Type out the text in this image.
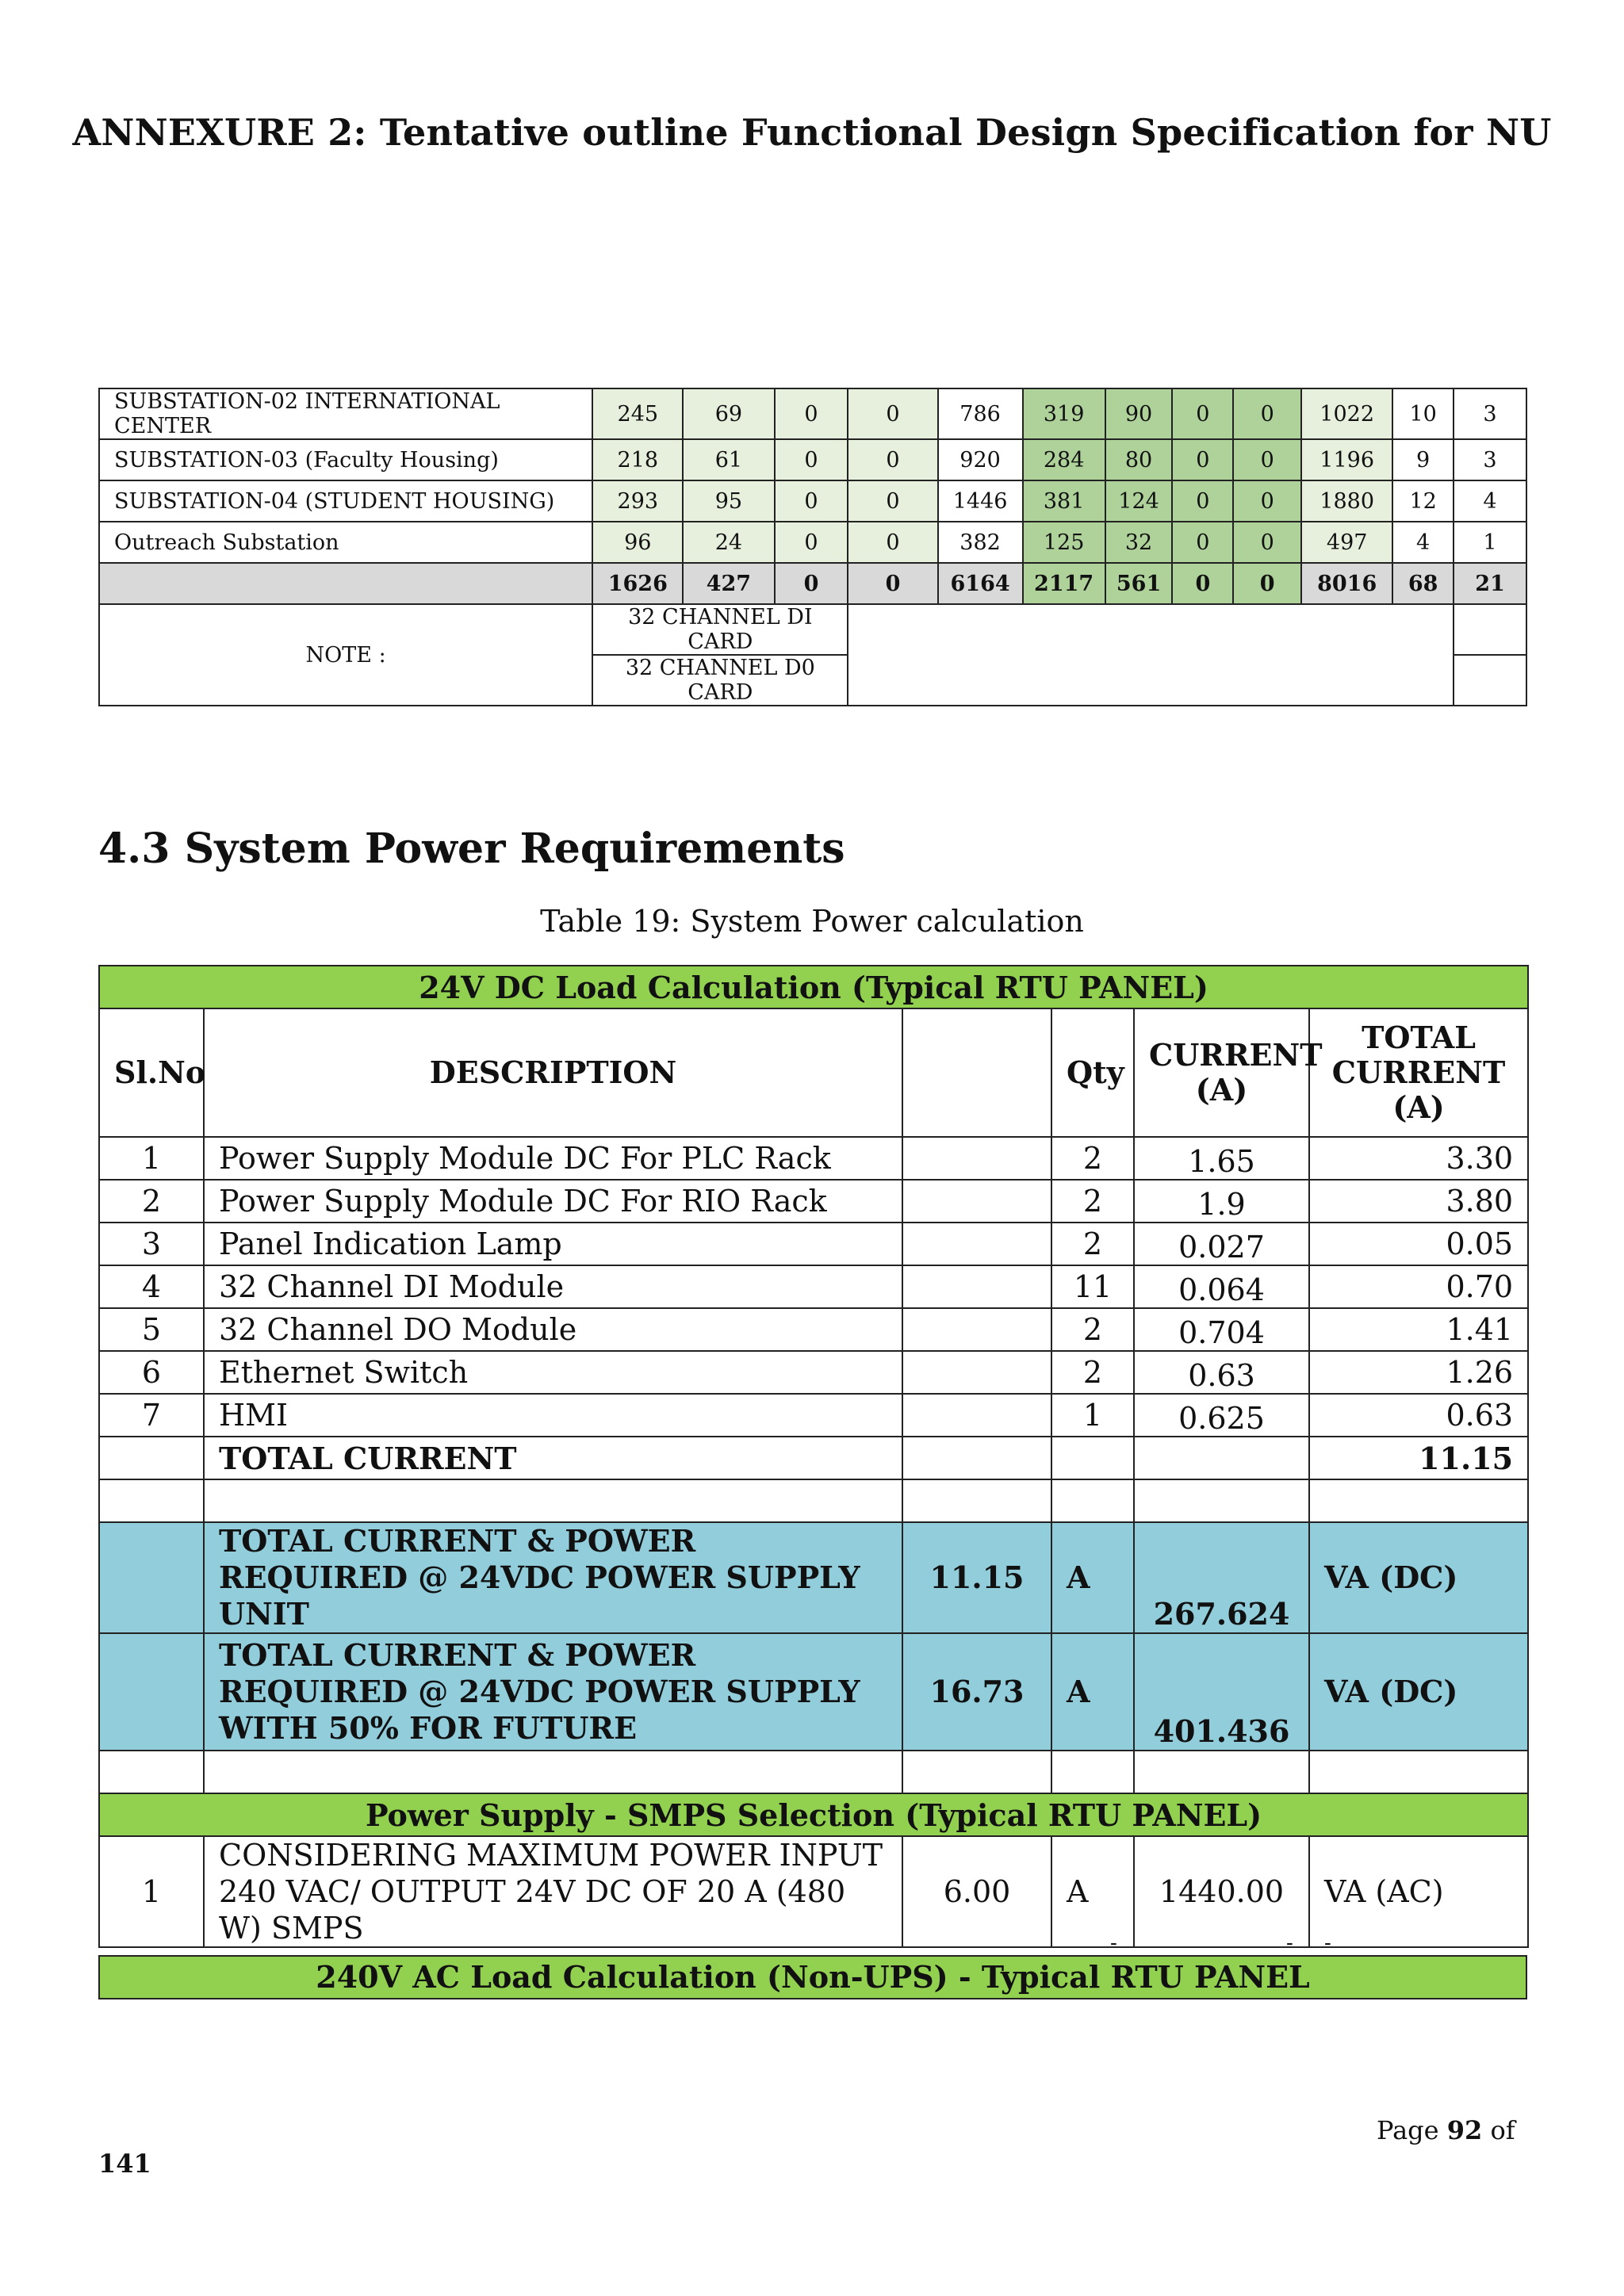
ANNEXURE 2: Tentative outline Functional Design Specification for NU
SUBSTATION-02 INTERNATIONAL CENTER	245	69	0	0	786	319	90	0	0	1022	10	3
SUBSTATION-03 (Faculty Housing)	218	61	0	0	920	284	80	0	0	1196	9	3
SUBSTATION-04 (STUDENT HOUSING)	293	95	0	0	1446	381	124	0	0	1880	12	4
Outreach Substation	96	24	0	0	382	125	32	0	0	497	4	1
	1626	427	0	0	6164	2117	561	0	0	8016	68	21
NOTE :	32 CHANNEL DI CARD											
	32 CHANNEL D0 CARD											
4.3 System Power Requirements
Table 19: System Power calculation
24V DC Load Calculation (Typical RTU PANEL)					
Sl.No	DESCRIPTION		Qty	CURRENT (A)	TOTAL CURRENT (A)
1	Power Supply Module DC For PLC Rack		2	1.65	3.30
2	Power Supply Module DC For RIO Rack		2	1.9	3.80
3	Panel Indication Lamp		2	0.027	0.05
4	32 Channel DI Module		11	0.064	0.70
5	32 Channel DO Module		2	0.704	1.41
6	Ethernet Switch		2	0.63	1.26
7	HMI		1	0.625	0.63
	TOTAL CURRENT				11.15

	TOTAL CURRENT & POWER REQUIRED @ 24VDC POWER SUPPLY UNIT	11.15	A	267.624	VA (DC)
	TOTAL CURRENT & POWER REQUIRED @ 24VDC POWER SUPPLY WITH 50% FOR FUTURE	16.73	A	401.436	VA (DC)

Power Supply - SMPS Selection (Typical RTU PANEL)					
1	CONSIDERING MAXIMUM POWER INPUT 240 VAC/ OUTPUT 24V DC OF 20 A (480 W) SMPS	6.00	A	1440.00	VA (AC)
-	- -
240V AC Load Calculation (Non-UPS) - Typical RTU PANEL
Page 92 of
141
